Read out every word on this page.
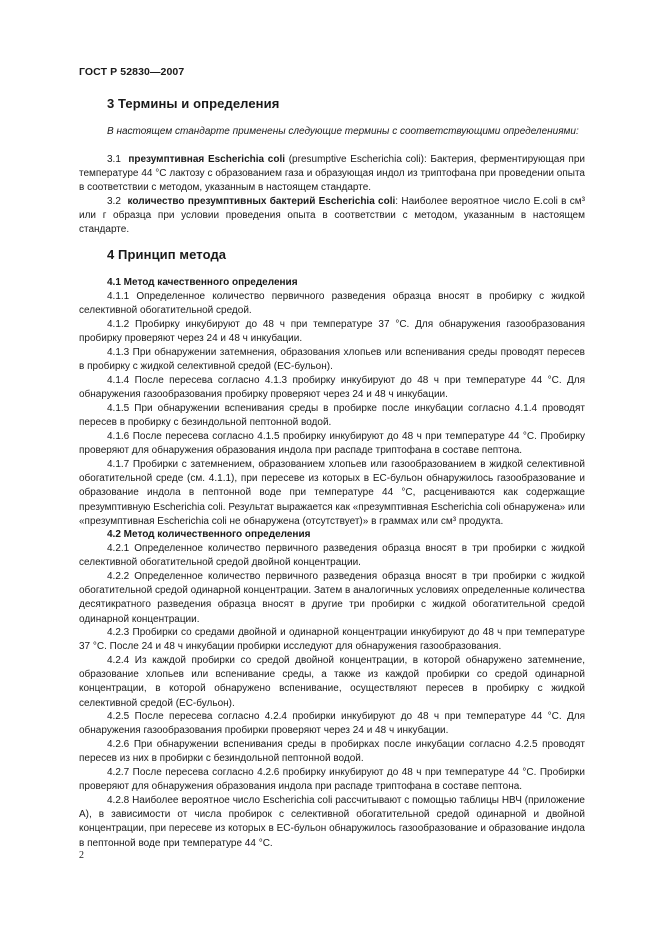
ГОСТ Р 52830—2007
3 Термины и определения
В настоящем стандарте применены следующие термины с соответствующими определениями:
3.1 презумптивная Escherichia coli (presumptive Escherichia coli): Бактерия, ферментирующая при температуре 44 °С лактозу с образованием газа и образующая индол из триптофана при проведении опыта в соответствии с методом, указанным в настоящем стандарте.
3.2 количество презумптивных бактерий Escherichia coli: Наиболее вероятное число E.coli в см³ или г образца при условии проведения опыта в соответствии с методом, указанным в настоящем стандарте.
4 Принцип метода
4.1 Метод качественного определения
4.1.1 Определенное количество первичного разведения образца вносят в пробирку с жидкой селективной обогатительной средой.
4.1.2 Пробирку инкубируют до 48 ч при температуре 37 °С. Для обнаружения газообразования пробирку проверяют через 24 и 48 ч инкубации.
4.1.3 При обнаружении затемнения, образования хлопьев или вспенивания среды проводят пересев в пробирку с жидкой селективной средой (ЕС-бульон).
4.1.4 После пересева согласно 4.1.3 пробирку инкубируют до 48 ч при температуре 44 °С. Для обнаружения газообразования пробирку проверяют через 24 и 48 ч инкубации.
4.1.5 При обнаружении вспенивания среды в пробирке после инкубации согласно 4.1.4 проводят пересев в пробирку с безиндольной пептонной водой.
4.1.6 После пересева согласно 4.1.5 пробирку инкубируют до 48 ч при температуре 44 °С. Пробирку проверяют для обнаружения образования индола при распаде триптофана в составе пептона.
4.1.7 Пробирки с затемнением, образованием хлопьев или газообразованием в жидкой селективной обогатительной среде (см. 4.1.1), при пересеве из которых в ЕС-бульон обнаружилось газообразование и образование индола в пептонной воде при температуре 44 °С, расцениваются как содержащие презумптивную Escherichia coli. Результат выражается как «презумптивная Escherichia coli обнаружена» или «презумптивная Escherichia coli не обнаружена (отсутствует)» в граммах или см³ продукта.
4.2 Метод количественного определения
4.2.1 Определенное количество первичного разведения образца вносят в три пробирки с жидкой селективной обогатительной средой двойной концентрации.
4.2.2 Определенное количество первичного разведения образца вносят в три пробирки с жидкой обогатительной средой одинарной концентрации. Затем в аналогичных условиях определенные количества десятикратного разведения образца вносят в другие три пробирки с жидкой обогатительной средой одинарной концентрации.
4.2.3 Пробирки со средами двойной и одинарной концентрации инкубируют до 48 ч при температуре 37 °С. После 24 и 48 ч инкубации пробирки исследуют для обнаружения газообразования.
4.2.4 Из каждой пробирки со средой двойной концентрации, в которой обнаружено затемнение, образование хлопьев или вспенивание среды, а также из каждой пробирки со средой одинарной концентрации, в которой обнаружено вспенивание, осуществляют пересев в пробирку с жидкой селективной средой (ЕС-бульон).
4.2.5 После пересева согласно 4.2.4 пробирки инкубируют до 48 ч при температуре 44 °С. Для обнаружения газообразования пробирки проверяют через 24 и 48 ч инкубации.
4.2.6 При обнаружении вспенивания среды в пробирках после инкубации согласно 4.2.5 проводят пересев из них в пробирки с безиндольной пептонной водой.
4.2.7 После пересева согласно 4.2.6 пробирку инкубируют до 48 ч при температуре 44 °С. Пробирки проверяют для обнаружения образования индола при распаде триптофана в составе пептона.
4.2.8 Наиболее вероятное число Escherichia coli рассчитывают с помощью таблицы НВЧ (приложение А), в зависимости от числа пробирок с селективной обогатительной средой одинарной и двойной концентрации, при пересеве из которых в ЕС-бульон обнаружилось газообразование и образование индола в пептонной воде при температуре 44 °С.
2
